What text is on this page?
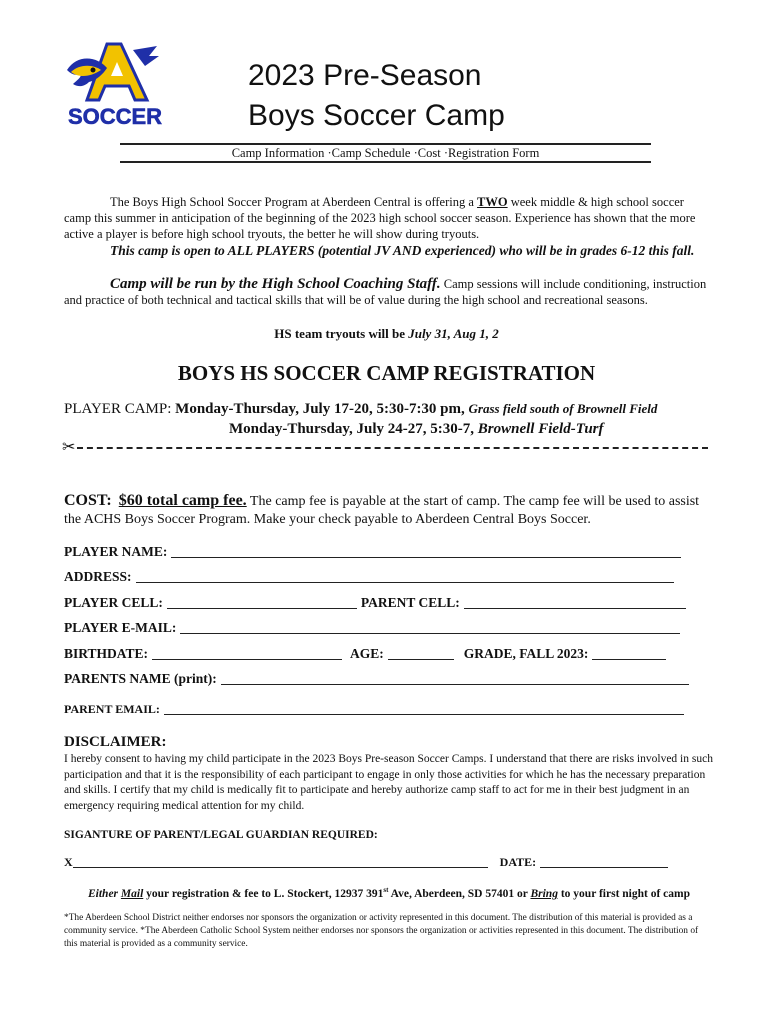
SOCCER

2023 Pre-Season

Boys Soccer Camp

Camp Information ·Camp Schedule ·Cost ·Registration Form
The Boys High School Soccer Program at Aberdeen Central is offering a TWO week middle & high school soccer camp this summer in anticipation of the beginning of the 2023 high school soccer season. Experience has shown that the more active a player is before high school tryouts, the better he will show during tryouts.
This camp is open to ALL PLAYERS (potential JV AND experienced) who will be in grades 6-12 this fall.
Camp will be run by the High School Coaching Staff. Camp sessions will include conditioning, instruction and practice of both technical and tactical skills that will be of value during the high school and recreational seasons.
HS team tryouts will be July 31, Aug 1, 2
BOYS HS SOCCER CAMP REGISTRATION
PLAYER CAMP: Monday-Thursday, July 17-20, 5:30-7:30 pm, Grass field south of Brownell Field
Monday-Thursday, July 24-27, 5:30-7, Brownell Field-Turf
✂
COST: $60 total camp fee. The camp fee is payable at the start of camp. The camp fee will be used to assist the ACHS Boys Soccer Program. Make your check payable to Aberdeen Central Boys Soccer.
PLAYER NAME:
ADDRESS:
PLAYER CELL:	PARENT CELL:
PLAYER E-MAIL:
BIRTHDATE:	AGE:	GRADE, FALL 2023:
PARENTS NAME (print):
PARENT EMAIL:
DISCLAIMER:
I hereby consent to having my child participate in the 2023 Boys Pre-season Soccer Camps. I understand that there are risks involved in such participation and that it is the responsibility of each participant to engage in only those activities for which he has the necessary preparation and skills. I certify that my child is medically fit to participate and hereby authorize camp staff to act for me in their best judgment in an emergency requiring medical attention for my child.
SIGANTURE OF PARENT/LEGAL GUARDIAN REQUIRED:
X	DATE:
Either Mail your registration & fee to L. Stockert, 12937 391st Ave, Aberdeen, SD 57401 or Bring to your first night of camp
*The Aberdeen School District neither endorses nor sponsors the organization or activity represented in this document. The distribution of this material is provided as a community service. *The Aberdeen Catholic School System neither endorses nor sponsors the organization or activities represented in this document. The distribution of this material is provided as a community service.
